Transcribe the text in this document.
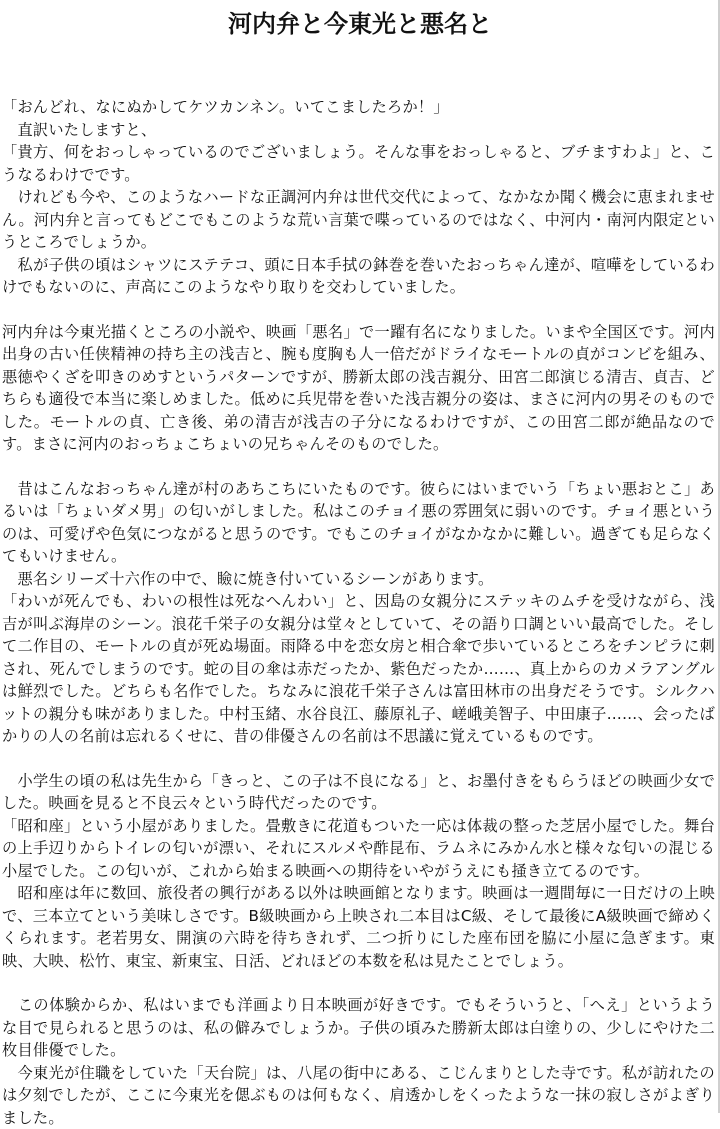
河内弁と今東光と悪名と

「おんどれ、なにぬかしてケツカンネン。いてこましたろか！」

　直訳いたしますと、

「貴方、何をおっしゃっているのでございましょう。そんな事をおっしゃると、ブチますわよ」と、こうなるわけでです。

　けれども今や、このようなハードな正調河内弁は世代交代によって、なかなか聞く機会に恵まれません。河内弁と言ってもどこでもこのような荒い言葉で喋っているのではなく、中河内・南河内限定というところでしょうか。

　私が子供の頃はシャツにステテコ、頭に日本手拭の鉢巻を巻いたおっちゃん達が、喧嘩をしているわけでもないのに、声高にこのようなやり取りを交わしていました。

河内弁は今東光描くところの小説や、映画「悪名」で一躍有名になりました。いまや全国区です。河内出身の古い任侠精神の持ち主の浅吉と、腕も度胸も人一倍だがドライなモートルの貞がコンビを組み、悪徳やくざを叩きのめすというパターンですが、勝新太郎の浅吉親分、田宮二郎演じる清吉、貞吉、どちらも適役で本当に楽しめました。低めに兵児帯を巻いた浅吉親分の姿は、まさに河内の男そのものでした。モートルの貞、亡き後、弟の清吉が浅吉の子分になるわけですが、この田宮二郎が絶品なのです。まさに河内のおっちょこちょいの兄ちゃんそのものでした。

　昔はこんなおっちゃん達が村のあちこちにいたものです。彼らにはいまでいう「ちょい悪おとこ」あるいは「ちょいダメ男」の匂いがしました。私はこのチョイ悪の雰囲気に弱いのです。チョイ悪というのは、可愛げや色気につながると思うのです。でもこのチョイがなかなかに難しい。過ぎても足らなくてもいけません。

　悪名シリーズ十六作の中で、瞼に焼き付いているシーンがあります。

「わいが死んでも、わいの根性は死なへんわい」と、因島の女親分にステッキのムチを受けながら、浅吉が叫ぶ海岸のシーン。浪花千栄子の女親分は堂々としていて、その語り口調といい最高でした。そして二作目の、モートルの貞が死ぬ場面。雨降る中を恋女房と相合傘で歩いているところをチンピラに刺され、死んでしまうのです。蛇の目の傘は赤だったか、紫色だったか……、真上からのカメラアングルは鮮烈でした。どちらも名作でした。ちなみに浪花千栄子さんは富田林市の出身だそうです。シルクハットの親分も味がありました。中村玉緒、水谷良江、藤原礼子、嵯峨美智子、中田康子……、会ったばかりの人の名前は忘れるくせに、昔の俳優さんの名前は不思議に覚えているものです。

　小学生の頃の私は先生から「きっと、この子は不良になる」と、お墨付きをもらうほどの映画少女でした。映画を見ると不良云々という時代だったのです。

「昭和座」という小屋がありました。畳敷きに花道もついた一応は体裁の整った芝居小屋でした。舞台の上手辺りからトイレの匂いが漂い、それにスルメや酢昆布、ラムネにみかん水と様々な匂いの混じる小屋でした。この匂いが、これから始まる映画への期待をいやがうえにも掻き立てるのです。

　昭和座は年に数回、旅役者の興行がある以外は映画館となります。映画は一週間毎に一日だけの上映で、三本立てという美味しさです。B級映画から上映され二本目はC級、そして最後にA級映画で締めくくられます。老若男女、開演の六時を待ちきれず、二つ折りにした座布団を脇に小屋に急ぎます。東映、大映、松竹、東宝、新東宝、日活、どれほどの本数を私は見たことでしょう。

　この体験からか、私はいまでも洋画より日本映画が好きです。でもそういうと、「へえ」というような目で見られると思うのは、私の僻みでしょうか。子供の頃みた勝新太郎は白塗りの、少しにやけた二枚目俳優でした。

　今東光が住職をしていた「天台院」は、八尾の街中にある、こじんまりとした寺です。私が訪れたのは夕刻でしたが、ここに今東光を偲ぶものは何もなく、肩透かしをくったような一抹の寂しさがよぎりました。
